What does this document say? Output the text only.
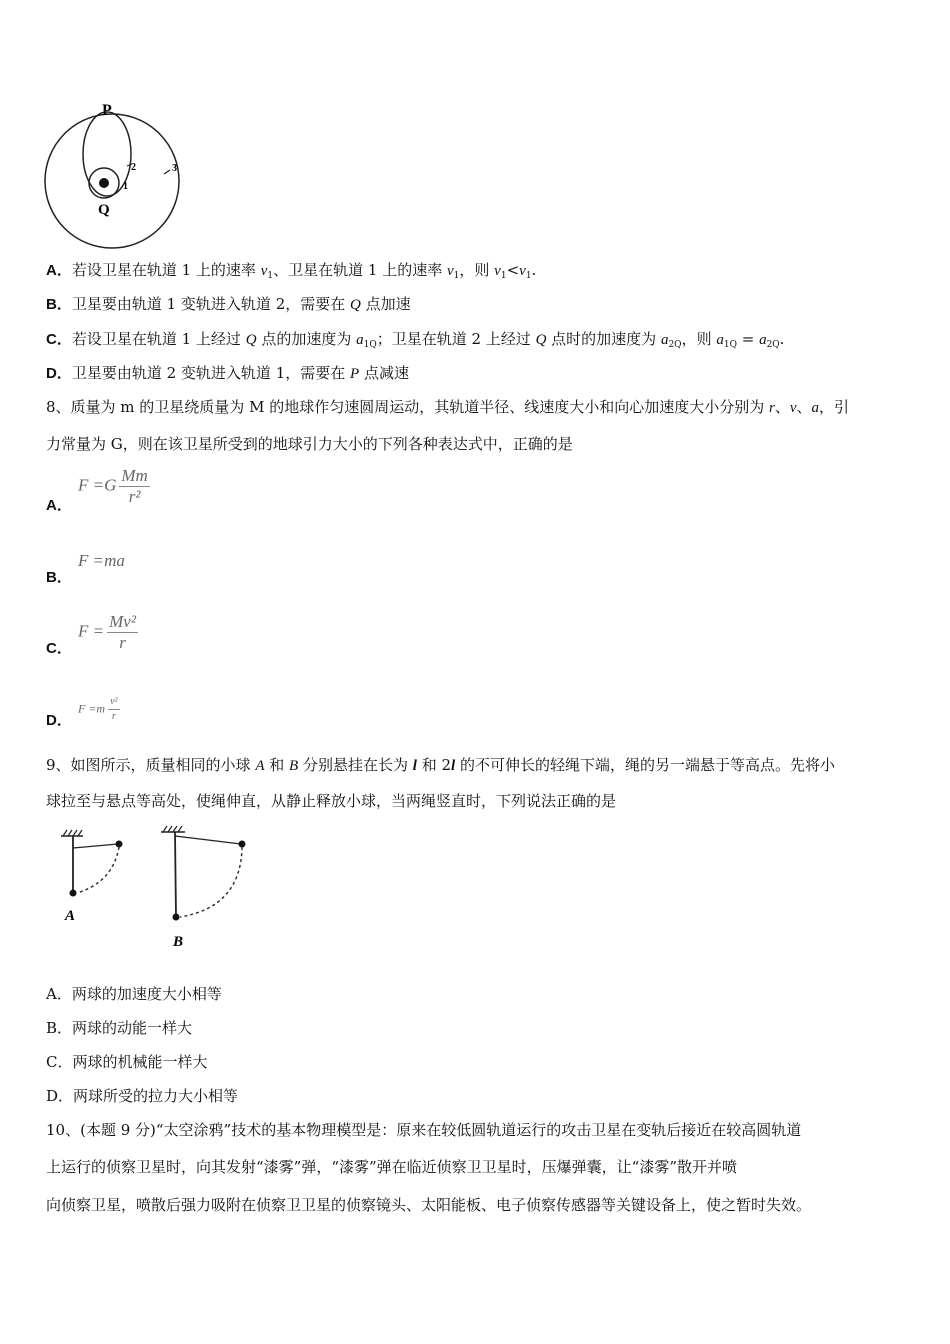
P
Q
2
1
3
A．若设卫星在轨道 1 上的速率 $v_1$、卫星在轨道 1 上的速率 $v_1$，则 $v_1<v_1$.
B．卫星要由轨道 1 变轨进入轨道 2，需要在 Q 点加速
C．若设卫星在轨道 1 上经过 Q 点的加速度为 $a_{1Q}$；卫星在轨道 2 上经过 Q 点时的加速度为 $a_{2Q}$，则 $a_{1Q} = a_{2Q}$.
D．卫星要由轨道 2 变轨进入轨道 1，需要在 P 点减速
8、质量为 m 的卫星绕质量为 M 的地球作匀速圆周运动，其轨道半径、线速度大小和向心加速度大小分别为 r、v、a，引
力常量为 G，则在该卫星所受到的地球引力大小的下列各种表达式中，正确的是
A．
$F =G \frac{Mm}{\text{r²}}$
B．
F =ma
C．
$F = \frac{\text{Mv²}}{r}$
D．
$F =m \frac{\text{v²}}{r}$
9、如图所示，质量相同的小球 A 和 B 分别悬挂在长为 l 和 2l 的不可伸长的轻绳下端，绳的另一端悬于等高点。先将小
球拉至与悬点等高处，使绳伸直，从静止释放小球，当两绳竖直时，下列说法正确的是
A
B
A．两球的加速度大小相等
B．两球的动能一样大
C．两球的机械能一样大
D．两球所受的拉力大小相等
10、(本题 9 分)“太空涂鸦”技术的基本物理模型是：原来在较低圆轨道运行的攻击卫星在变轨后接近在较高圆轨道
上运行的侦察卫星时，向其发射“漆雾”弹，“漆雾”弹在临近侦察卫卫星时，压爆弹囊，让“漆雾”散开并喷
向侦察卫星，喷散后强力吸附在侦察卫卫星的侦察镜头、太阳能板、电子侦察传感器等关键设备上，使之暂时失效。
